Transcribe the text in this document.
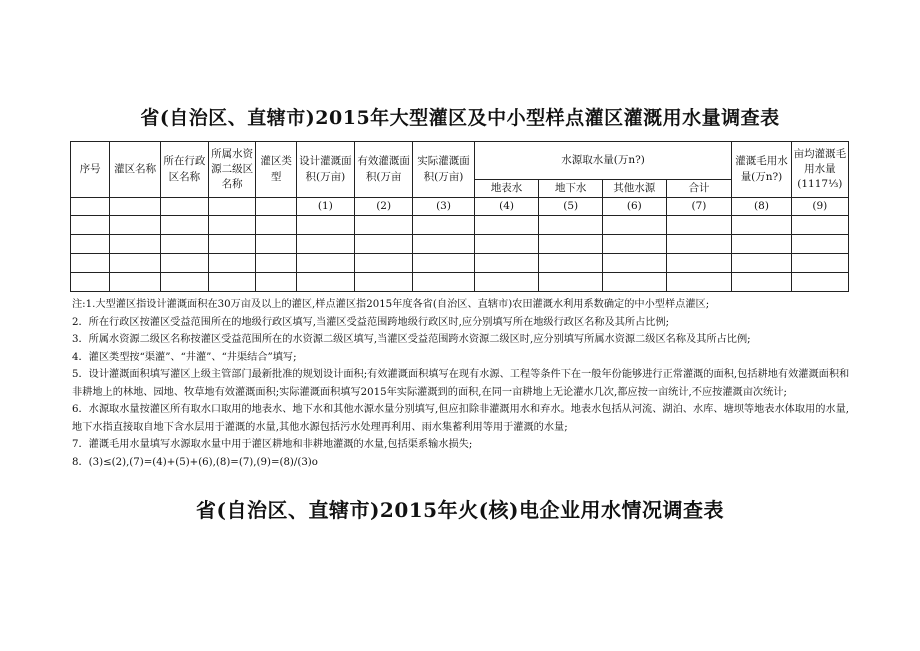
省(自治区、直辖市)2015年大型灌区及中小型样点灌区灌溉用水量调查表
序号	灌区名称	所在行政区名称	所属水资源二级区名称	灌区类型	设计灌溉面积(万亩)	有效灌溉面积(万亩	实际灌溉面积(万亩)	水源取水量(万n?)				灌溉毛用水量(万n?)	亩均灌溉毛用水量(1117⅓)
								地表水	地下水	其他水源	合计		
					(1)	(2)	(3)	(4)	(5)	(6)	(7)	(8)	(9)

注:1.大型灌区指设计灌溉面积在30万亩及以上的灌区,样点灌区指2015年度各省(自治区、直辖市)农田灌溉水利用系数确定的中小型样点灌区;

2．所在行政区按灌区受益范围所在的地级行政区填写,当灌区受益范围跨地级行政区时,应分别填写所在地级行政区名称及其所占比例;

3．所属水资源二级区名称按灌区受益范围所在的水资源二级区填写,当灌区受益范围跨水资源二级区时,应分别填写所属水资源二级区名称及其所占比例;

4．灌区类型按“渠灌”、“井灌”、“井渠结合”填写;

5．设计灌溉面积填写灌区上级主管部门最新批准的规划设计面积;有效灌溉面积填写在现有水源、工程等条件下在一般年份能够进行正常灌溉的面积,包括耕地有效灌溉面积和非耕地上的林地、园地、牧草地有效灌溉面积;实际灌溉面积填写2015年实际灌溉到的面积,在同一亩耕地上无论灌水几次,都应按一亩统计,不应按灌溉亩次统计;

6．水源取水量按灌区所有取水口取用的地表水、地下水和其他水源水量分别填写,但应扣除非灌溉用水和弃水。地表水包括从河流、湖泊、水库、塘坝等地表水体取用的水量,地下水指直接取自地下含水层用于灌溉的水量,其他水源包括污水处理再利用、雨水集蓄利用等用于灌溉的水量;

7．灌溉毛用水量填写水源取水量中用于灌区耕地和非耕地灌溉的水量,包括渠系输水损失;

8．(3)≤(2),(7)=(4)+(5)+(6),(8)=(7),(9)=(8)/(3)o

省(自治区、直辖市)2015年火(核)电企业用水情况调查表
